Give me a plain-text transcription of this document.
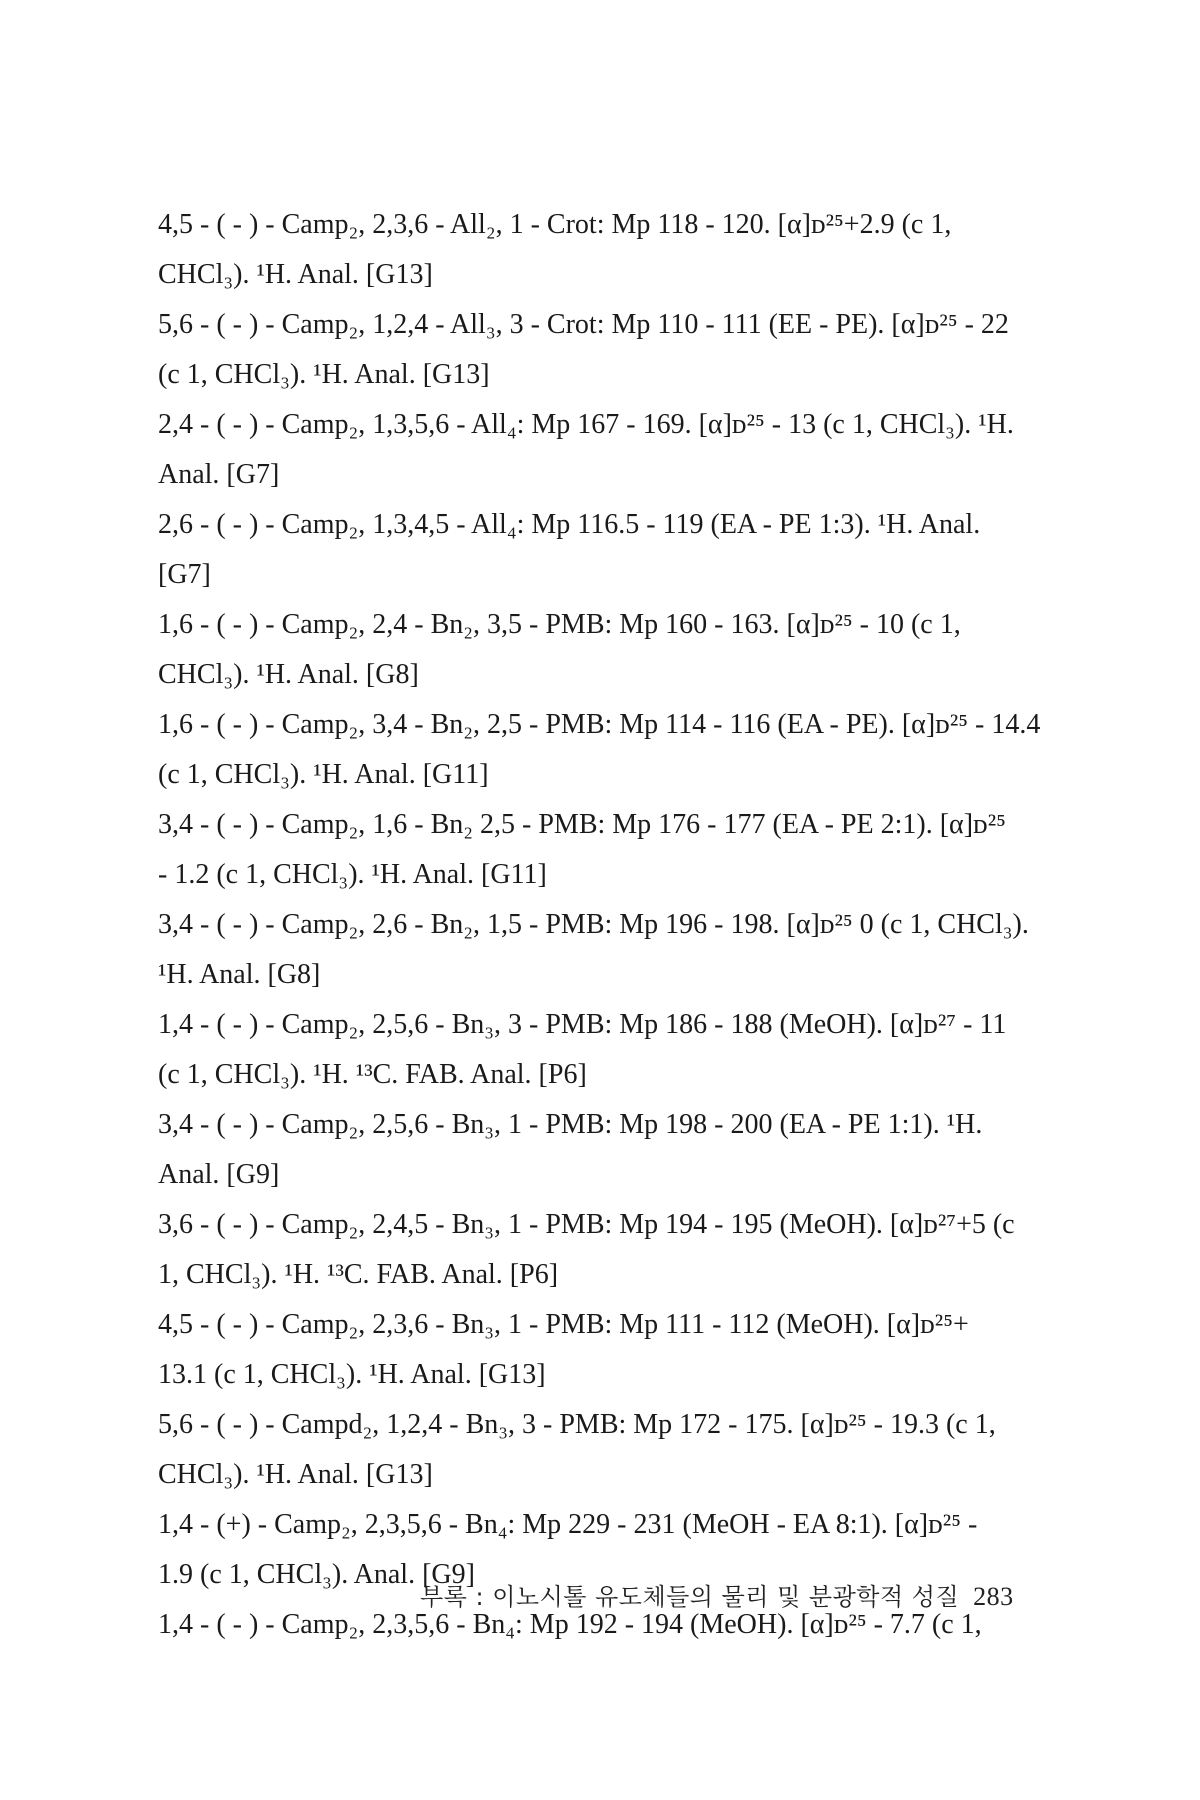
4,5 - ( - ) - Camp₂, 2,3,6 - All₂, 1 - Crot: Mp 118 - 120. [α]ᴅ²⁵+2.9 (c 1,
CHCl₃). ¹H. Anal. [G13]

5,6 - ( - ) - Camp₂, 1,2,4 - All₃, 3 - Crot: Mp 110 - 111 (EE - PE). [α]ᴅ²⁵ - 22
(c 1, CHCl₃). ¹H. Anal. [G13]

2,4 - ( - ) - Camp₂, 1,3,5,6 - All₄: Mp 167 - 169. [α]ᴅ²⁵ - 13 (c 1, CHCl₃). ¹H.
Anal. [G7]

2,6 - ( - ) - Camp₂, 1,3,4,5 - All₄: Mp 116.5 - 119 (EA - PE 1:3). ¹H. Anal.
[G7]

1,6 - ( - ) - Camp₂, 2,4 - Bn₂, 3,5 - PMB: Mp 160 - 163. [α]ᴅ²⁵ - 10 (c 1,
CHCl₃). ¹H. Anal. [G8]

1,6 - ( - ) - Camp₂, 3,4 - Bn₂, 2,5 - PMB: Mp 114 - 116 (EA - PE). [α]ᴅ²⁵ - 14.4
(c 1, CHCl₃). ¹H. Anal. [G11]

3,4 - ( - ) - Camp₂, 1,6 - Bn₂ 2,5 - PMB: Mp 176 - 177 (EA - PE 2:1). [α]ᴅ²⁵
- 1.2 (c 1, CHCl₃). ¹H. Anal. [G11]

3,4 - ( - ) - Camp₂, 2,6 - Bn₂, 1,5 - PMB: Mp 196 - 198. [α]ᴅ²⁵ 0 (c 1, CHCl₃).
¹H. Anal. [G8]

1,4 - ( - ) - Camp₂, 2,5,6 - Bn₃, 3 - PMB: Mp 186 - 188 (MeOH). [α]ᴅ²⁷ - 11
(c 1, CHCl₃). ¹H. ¹³C. FAB. Anal. [P6]

3,4 - ( - ) - Camp₂, 2,5,6 - Bn₃, 1 - PMB: Mp 198 - 200 (EA - PE 1:1). ¹H.
Anal. [G9]

3,6 - ( - ) - Camp₂, 2,4,5 - Bn₃, 1 - PMB: Mp 194 - 195 (MeOH). [α]ᴅ²⁷+5 (c
1, CHCl₃). ¹H. ¹³C. FAB. Anal. [P6]

4,5 - ( - ) - Camp₂, 2,3,6 - Bn₃, 1 - PMB: Mp 111 - 112 (MeOH). [α]ᴅ²⁵+
13.1 (c 1, CHCl₃). ¹H. Anal. [G13]

5,6 - ( - ) - Campd₂, 1,2,4 - Bn₃, 3 - PMB: Mp 172 - 175. [α]ᴅ²⁵ - 19.3 (c 1,
CHCl₃). ¹H. Anal. [G13]

1,4 - (+) - Camp₂, 2,3,5,6 - Bn₄: Mp 229 - 231 (MeOH - EA 8:1). [α]ᴅ²⁵ -
1.9 (c 1, CHCl₃). Anal. [G9]

1,4 - ( - ) - Camp₂, 2,3,5,6 - Bn₄: Mp 192 - 194 (MeOH). [α]ᴅ²⁵ - 7.7 (c 1,

부록 : 이노시톨 유도체들의 물리 및 분광학적 성질 283
